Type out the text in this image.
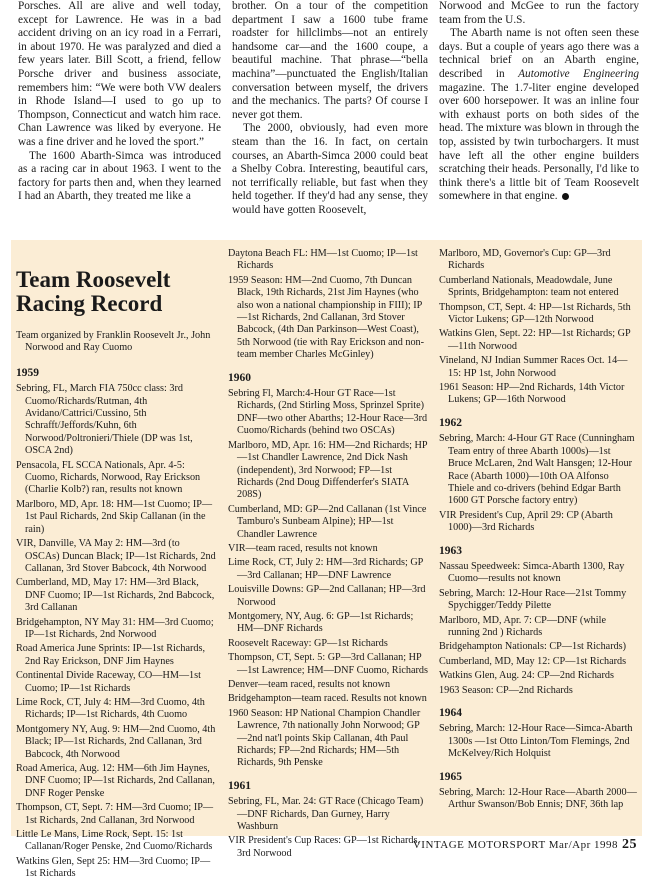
Porsches. All are alive and well today, except for Lawrence. He was in a bad accident driving on an icy road in a Ferrari, in about 1970. He was paralyzed and died a few years later. Bill Scott, a friend, fellow Porsche driver and business associate, remembers him: “We were both VW dealers in Rhode Island—I used to go up to Thompson, Connecticut and watch him race. Chan Lawrence was liked by everyone. He was a fine driver and he loved the sport.”

The 1600 Abarth-Simca was introduced as a racing car in about 1963. I went to the factory for parts then and, when they learned I had an Abarth, they treated me like a

brother. On a tour of the competition department I saw a 1600 tube frame roadster for hillclimbs—not an entirely handsome car—and the 1600 coupe, a beautiful machine. That phrase—“bella machina”—punctuated the English/Italian conversation between myself, the drivers and the mechanics. The parts? Of course I never got them.

The 2000, obviously, had even more steam than the 16. In fact, on certain courses, an Abarth-Simca 2000 could beat a Shelby Cobra. Interesting, beautiful cars, not terrifically reliable, but fast when they held together. If they'd had any sense, they would have gotten Roosevelt,

Norwood and McGee to run the factory team from the U.S.

The Abarth name is not often seen these days. But a couple of years ago there was a technical brief on an Abarth engine, described in Automotive Engineering magazine. The 1.7-liter engine developed over 600 horsepower. It was an inline four with exhaust ports on both sides of the head. The mixture was blown in through the top, assisted by twin turbochargers. It must have left all the other engine builders scratching their heads. Personally, I'd like to think there's a little bit of Team Roosevelt somewhere in that engine.

Team Roosevelt Racing Record
Team organized by Franklin Roosevelt Jr., John Norwood and Ray Cuomo
1959
Sebring, FL, March FIA 750cc class: 3rd Cuomo/Richards/Rutman, 4th Avidano/Cattrici/Cussino, 5th Schrafft/Jeffords/Kuhn, 6th Norwood/Poltronieri/Thiele (DP was 1st, OSCA 2nd)
Pensacola, FL SCCA Nationals, Apr. 4-5: Cuomo, Richards, Norwood, Ray Erickson (Charlie Kolb?) ran, results not known
Marlboro, MD, Apr. 18: HM—1st Cuomo; IP—1st Paul Richards, 2nd Skip Callanan (in the rain)
VIR, Danville, VA May 2: HM—3rd (to OSCAs) Duncan Black; IP—1st Richards, 2nd Callanan, 3rd Stover Babcock, 4th Norwood
Cumberland, MD, May 17: HM—3rd Black, DNF Cuomo; IP—1st Richards, 2nd Babcock, 3rd Callanan
Bridgehampton, NY May 31: HM—3rd Cuomo; IP—1st Richards, 2nd Norwood
Road America June Sprints: IP—1st Richards, 2nd Ray Erickson, DNF Jim Haynes
Continental Divide Raceway, CO—HM—1st Cuomo; IP—1st Richards
Lime Rock, CT, July 4: HM—3rd Cuomo, 4th Richards; IP—1st Richards, 4th Cuomo
Montgomery NY, Aug. 9: HM—2nd Cuomo, 4th Black; IP—1st Richards, 2nd Callanan, 3rd Babcock, 4th Norwood
Road America, Aug. 12: HM—6th Jim Haynes, DNF Cuomo; IP—1st Richards, 2nd Callanan, DNF Roger Penske
Thompson, CT, Sept. 7: HM—3rd Cuomo; IP—1st Richards, 2nd Callanan, 3rd Norwood
Little Le Mans, Lime Rock, Sept. 15: 1st Callanan/Roger Penske, 2nd Cuomo/Richards
Watkins Glen, Sept 25: HM—3rd Cuomo; IP—1st Richards
Daytona Beach FL: HM—1st Cuomo; IP—1st Richards
1959 Season: HM—2nd Cuomo, 7th Duncan Black, 19th Richards, 21st Jim Haynes (who also won a national championship in FIII); IP—1st Richards, 2nd Callanan, 3rd Stover Babcock, (4th Dan Parkinson—West Coast), 5th Norwood (tie with Ray Erickson and non-team member Charles McGinley)
1960
Sebring Fl, March:4-Hour GT Race—1st Richards, (2nd Stirling Moss, Sprinzel Sprite) DNF—two other Abarths; 12-Hour Race—3rd Cuomo/Richards (behind two OSCAs)
Marlboro, MD, Apr. 16: HM—2nd Richards; HP—1st Chandler Lawrence, 2nd Dick Nash (independent), 3rd Norwood; FP—1st Richards (2nd Doug Diffenderfer's SIATA 208S)
Cumberland, MD: GP—2nd Callanan (1st Vince Tamburo's Sunbeam Alpine); HP—1st Chandler Lawrence
VIR—team raced, results not known
Lime Rock, CT, July 2: HM—3rd Richards; GP—3rd Callanan; HP—DNF Lawrence
Louisville Downs: GP—2nd Callanan; HP—3rd Norwood
Montgomery, NY, Aug. 6: GP—1st Richards; HM—DNF Richards
Roosevelt Raceway: GP—1st Richards
Thompson, CT, Sept. 5: GP—3rd Callanan; HP—1st Lawrence; HM—DNF Cuomo, Richards
Denver—team raced, results not known
Bridgehampton—team raced. Results not known
1960 Season: HP National Champion Chandler Lawrence, 7th nationally John Norwood; GP—2nd nat'l points Skip Callanan, 4th Paul Richards; FP—2nd Richards; HM—5th Richards, 9th Penske
1961
Sebring, FL, Mar. 24: GT Race (Chicago Team)—DNF Richards, Dan Gurney, Harry Washburn
VIR President's Cup Races: GP—1st Richards, 3rd Norwood
Marlboro, MD, Governor's Cup: GP—3rd Richards
Cumberland Nationals, Meadowdale, June Sprints, Bridgehampton: team not entered
Thompson, CT, Sept. 4: HP—1st Richards, 5th Victor Lukens; GP—12th Norwood
Watkins Glen, Sept. 22: HP—1st Richards; GP—11th Norwood
Vineland, NJ Indian Summer Races Oct. 14—15: HP 1st, John Norwood
1961 Season: HP—2nd Richards, 14th Victor Lukens; GP—16th Norwood
1962
Sebring, March: 4-Hour GT Race (Cunningham Team entry of three Abarth 1000s)—1st Bruce McLaren, 2nd Walt Hansgen; 12-Hour Race (Abarth 1000)—10th OA Alfonso Thiele and co-drivers (behind Edgar Barth 1600 GT Porsche factory entry)
VIR President's Cup, April 29: CP (Abarth 1000)—3rd Richards
1963
Nassau Speedweek: Simca-Abarth 1300, Ray Cuomo—results not known
Sebring, March: 12-Hour Race—21st Tommy Spychigger/Teddy Pilette
Marlboro, MD, Apr. 7: CP—DNF (while running 2nd ) Richards
Bridgehampton Nationals: CP—1st Richards)
Cumberland, MD, May 12: CP—1st Richards
Watkins Glen, Aug. 24: CP—2nd Richards
1963 Season: CP—2nd Richards
1964
Sebring, March: 12-Hour Race—Simca-Abarth 1300s —1st Otto Linton/Tom Flemings, 2nd McKelvey/Rich Holquist
1965
Sebring, March: 12-Hour Race—Abarth 2000—Arthur Swanson/Bob Ennis; DNF, 36th lap
VINTAGE MOTORSPORT Mar/Apr 1998 25
